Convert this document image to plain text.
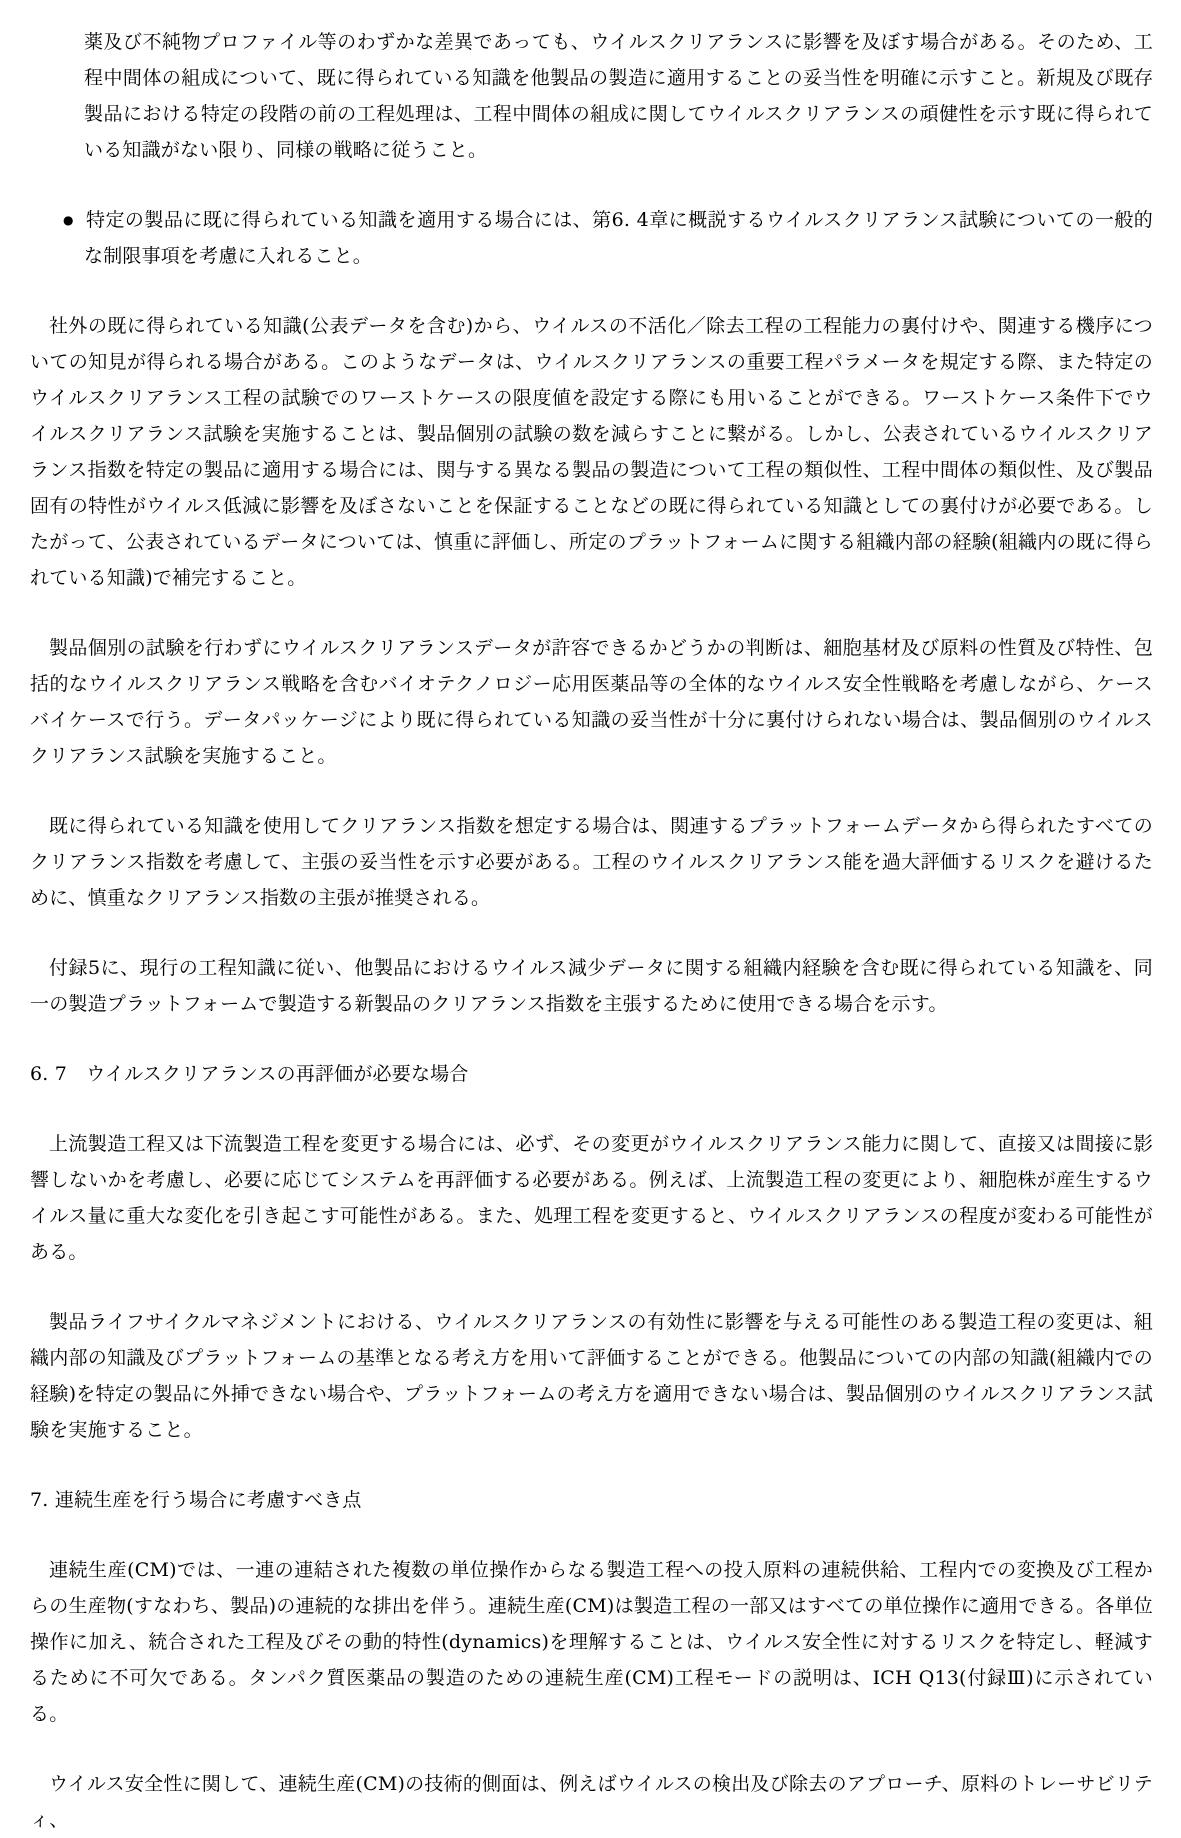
薬及び不純物プロファイル等のわずかな差異であっても、ウイルスクリアランスに影響を及ぼす場合がある。そのため、工程中間体の組成について、既に得られている知識を他製品の製造に適用することの妥当性を明確に示すこと。新規及び既存製品における特定の段階の前の工程処理は、工程中間体の組成に関してウイルスクリアランスの頑健性を示す既に得られている知識がない限り、同様の戦略に従うこと。
● 特定の製品に既に得られている知識を適用する場合には、第6. 4章に概説するウイルスクリアランス試験についての一般的な制限事項を考慮に入れること。
社外の既に得られている知識(公表データを含む)から、ウイルスの不活化／除去工程の工程能力の裏付けや、関連する機序についての知見が得られる場合がある。このようなデータは、ウイルスクリアランスの重要工程パラメータを規定する際、また特定のウイルスクリアランス工程の試験でのワーストケースの限度値を設定する際にも用いることができる。ワーストケース条件下でウイルスクリアランス試験を実施することは、製品個別の試験の数を減らすことに繋がる。しかし、公表されているウイルスクリアランス指数を特定の製品に適用する場合には、関与する異なる製品の製造について工程の類似性、工程中間体の類似性、及び製品固有の特性がウイルス低減に影響を及ぼさないことを保証することなどの既に得られている知識としての裏付けが必要である。したがって、公表されているデータについては、慎重に評価し、所定のプラットフォームに関する組織内部の経験(組織内の既に得られている知識)で補完すること。
製品個別の試験を行わずにウイルスクリアランスデータが許容できるかどうかの判断は、細胞基材及び原料の性質及び特性、包括的なウイルスクリアランス戦略を含むバイオテクノロジー応用医薬品等の全体的なウイルス安全性戦略を考慮しながら、ケースバイケースで行う。データパッケージにより既に得られている知識の妥当性が十分に裏付けられない場合は、製品個別のウイルスクリアランス試験を実施すること。
既に得られている知識を使用してクリアランス指数を想定する場合は、関連するプラットフォームデータから得られたすべてのクリアランス指数を考慮して、主張の妥当性を示す必要がある。工程のウイルスクリアランス能を過大評価するリスクを避けるために、慎重なクリアランス指数の主張が推奨される。
付録5に、現行の工程知識に従い、他製品におけるウイルス減少データに関する組織内経験を含む既に得られている知識を、同一の製造プラットフォームで製造する新製品のクリアランス指数を主張するために使用できる場合を示す。
6. 7　ウイルスクリアランスの再評価が必要な場合
上流製造工程又は下流製造工程を変更する場合には、必ず、その変更がウイルスクリアランス能力に関して、直接又は間接に影響しないかを考慮し、必要に応じてシステムを再評価する必要がある。例えば、上流製造工程の変更により、細胞株が産生するウイルス量に重大な変化を引き起こす可能性がある。また、処理工程を変更すると、ウイルスクリアランスの程度が変わる可能性がある。
製品ライフサイクルマネジメントにおける、ウイルスクリアランスの有効性に影響を与える可能性のある製造工程の変更は、組織内部の知識及びプラットフォームの基準となる考え方を用いて評価することができる。他製品についての内部の知識(組織内での経験)を特定の製品に外挿できない場合や、プラットフォームの考え方を適用できない場合は、製品個別のウイルスクリアランス試験を実施すること。
7. 連続生産を行う場合に考慮すべき点
連続生産(CM)では、一連の連結された複数の単位操作からなる製造工程への投入原料の連続供給、工程内での変換及び工程からの生産物(すなわち、製品)の連続的な排出を伴う。連続生産(CM)は製造工程の一部又はすべての単位操作に適用できる。各単位操作に加え、統合された工程及びその動的特性(dynamics)を理解することは、ウイルス安全性に対するリスクを特定し、軽減するために不可欠である。タンパク質医薬品の製造のための連続生産(CM)工程モードの説明は、ICH Q13(付録Ⅲ)に示されている。
ウイルス安全性に関して、連続生産(CM)の技術的側面は、例えばウイルスの検出及び除去のアプローチ、原料のトレーサビリティ、
